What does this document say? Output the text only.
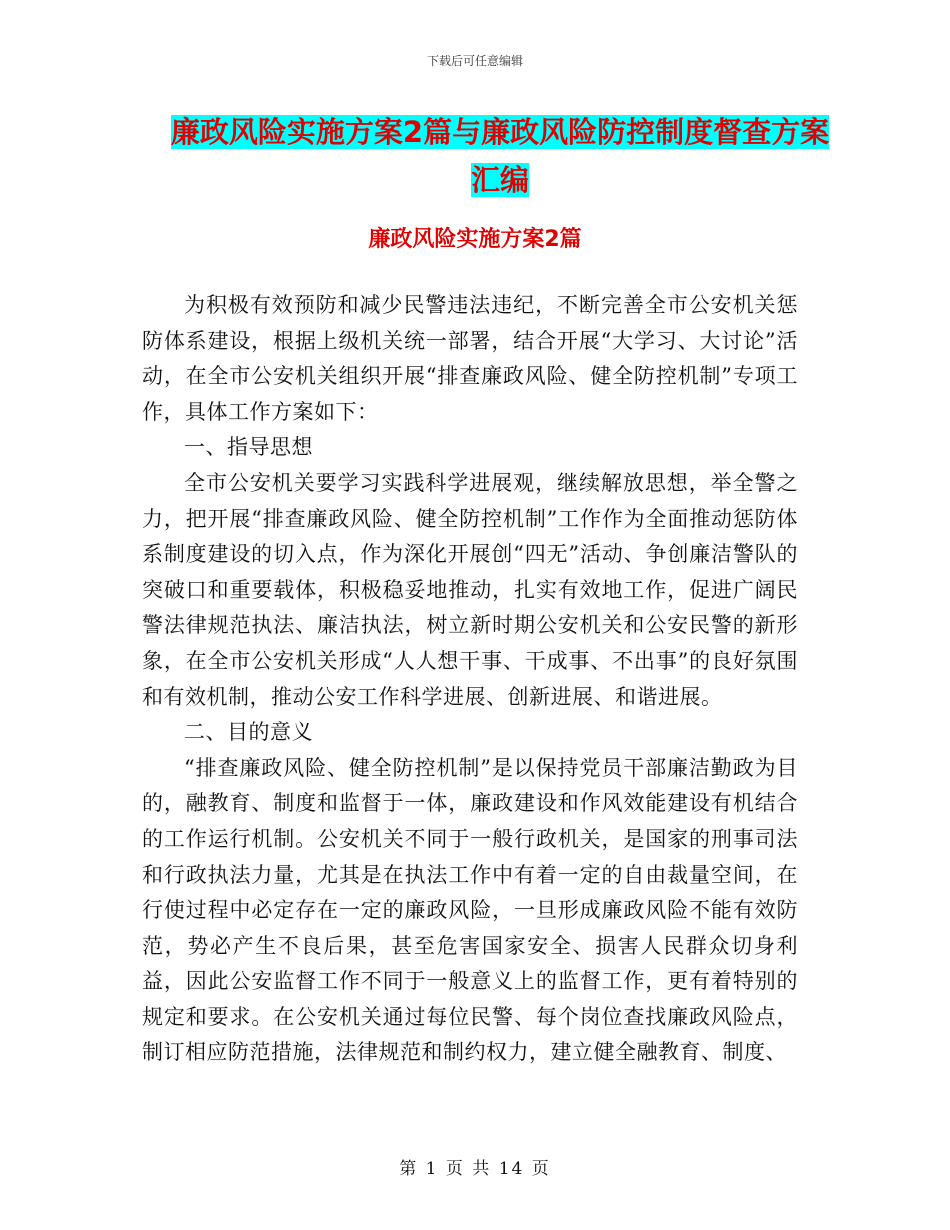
下载后可任意编辑
廉政风险实施方案2篇与廉政风险防控制度督查方案
汇编
廉政风险实施方案2篇

为积极有效预防和减少民警违法违纪，不断完善全市公安机关惩防体系建设，根据上级机关统一部署，结合开展“大学习、大讨论”活动，在全市公安机关组织开展“排查廉政风险、健全防控机制”专项工作，具体工作方案如下：

一、指导思想

全市公安机关要学习实践科学进展观，继续解放思想，举全警之力，把开展“排查廉政风险、健全防控机制”工作作为全面推动惩防体系制度建设的切入点，作为深化开展创“四无”活动、争创廉洁警队的突破口和重要载体，积极稳妥地推动，扎实有效地工作，促进广阔民警法律规范执法、廉洁执法，树立新时期公安机关和公安民警的新形象，在全市公安机关形成“人人想干事、干成事、不出事”的良好氛围和有效机制，推动公安工作科学进展、创新进展、和谐进展。

二、目的意义

“排查廉政风险、健全防控机制”是以保持党员干部廉洁勤政为目的，融教育、制度和监督于一体，廉政建设和作风效能建设有机结合的工作运行机制。公安机关不同于一般行政机关，是国家的刑事司法和行政执法力量，尤其是在执法工作中有着一定的自由裁量空间，在行使过程中必定存在一定的廉政风险，一旦形成廉政风险不能有效防范，势必产生不良后果，甚至危害国家安全、损害人民群众切身利益，因此公安监督工作不同于一般意义上的监督工作，更有着特别的规定和要求。在公安机关通过每位民警、每个岗位查找廉政风险点，制订相应防范措施，法律规范和制约权力，建立健全融教育、制度、

第 1 页 共 14 页
